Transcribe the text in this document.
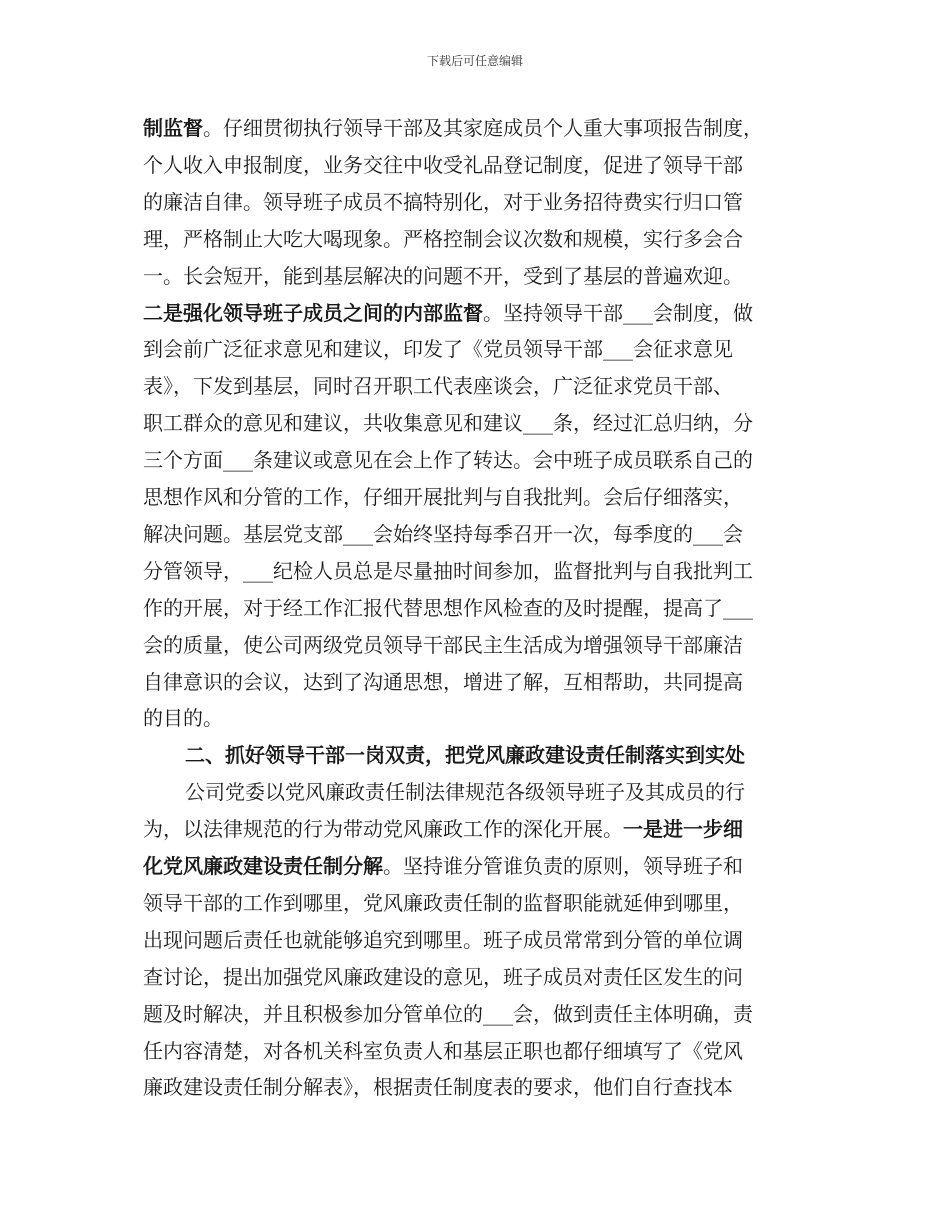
下载后可任意编辑
制监督。仔细贯彻执行领导干部及其家庭成员个人重大事项报告制度，
个人收入申报制度，业务交往中收受礼品登记制度，促进了领导干部
的廉洁自律。领导班子成员不搞特别化，对于业务招待费实行归口管
理，严格制止大吃大喝现象。严格控制会议次数和规模，实行多会合
一。长会短开，能到基层解决的问题不开，受到了基层的普遍欢迎。
二是强化领导班子成员之间的内部监督。坚持领导干部___会制度，做
到会前广泛征求意见和建议，印发了《党员领导干部___会征求意见
表》，下发到基层，同时召开职工代表座谈会，广泛征求党员干部、
职工群众的意见和建议，共收集意见和建议___条，经过汇总归纳，分
三个方面___条建议或意见在会上作了转达。会中班子成员联系自己的
思想作风和分管的工作，仔细开展批判与自我批判。会后仔细落实，
解决问题。基层党支部___会始终坚持每季召开一次，每季度的___会
分管领导，___纪检人员总是尽量抽时间参加，监督批判与自我批判工
作的开展，对于经工作汇报代替思想作风检查的及时提醒，提高了___
会的质量，使公司两级党员领导干部民主生活成为增强领导干部廉洁
自律意识的会议，达到了沟通思想，增进了解，互相帮助，共同提高
的目的。
二、抓好领导干部一岗双责，把党风廉政建设责任制落实到实处
公司党委以党风廉政责任制法律规范各级领导班子及其成员的行
为，以法律规范的行为带动党风廉政工作的深化开展。一是进一步细
化党风廉政建设责任制分解。坚持谁分管谁负责的原则，领导班子和
领导干部的工作到哪里，党风廉政责任制的监督职能就延伸到哪里，
出现问题后责任也就能够追究到哪里。班子成员常常到分管的单位调
查讨论，提出加强党风廉政建设的意见，班子成员对责任区发生的问
题及时解决，并且积极参加分管单位的___会，做到责任主体明确，责
任内容清楚，对各机关科室负责人和基层正职也都仔细填写了《党风
廉政建设责任制分解表》，根据责任制度表的要求，他们自行查找本
